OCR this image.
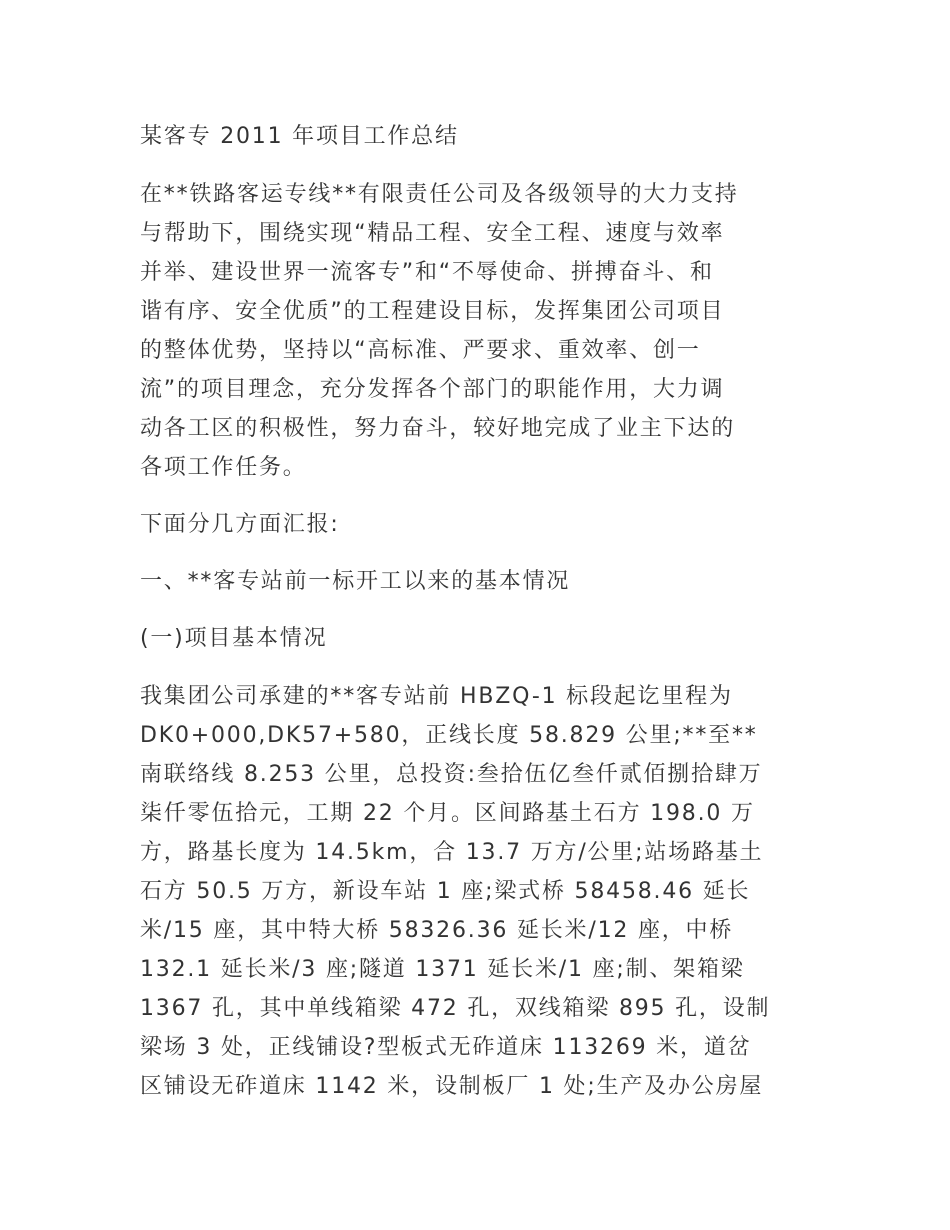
某客专 2011 年项目工作总结
在**铁路客运专线**有限责任公司及各级领导的大力支持
与帮助下，围绕实现“精品工程、安全工程、速度与效率
并举、建设世界一流客专”和“不辱使命、拼搏奋斗、和
谐有序、安全优质”的工程建设目标，发挥集团公司项目
的整体优势，坚持以“高标准、严要求、重效率、创一
流”的项目理念，充分发挥各个部门的职能作用，大力调
动各工区的积极性，努力奋斗，较好地完成了业主下达的
各项工作任务。
下面分几方面汇报:
一、**客专站前一标开工以来的基本情况
(一)项目基本情况
我集团公司承建的**客专站前 HBZQ-1 标段起讫里程为
DK0+000,DK57+580，正线长度 58.829 公里;**至**
南联络线 8.253 公里，总投资:叁拾伍亿叁仟贰佰捌拾肆万
柒仟零伍拾元，工期 22 个月。区间路基土石方 198.0 万
方，路基长度为 14.5km，合 13.7 万方/公里;站场路基土
石方 50.5 万方，新设车站 1 座;梁式桥 58458.46 延长
米/15 座，其中特大桥 58326.36 延长米/12 座，中桥
132.1 延长米/3 座;隧道 1371 延长米/1 座;制、架箱梁
1367 孔，其中单线箱梁 472 孔，双线箱梁 895 孔，设制
梁场 3 处，正线铺设?型板式无砟道床 113269 米，道岔
区铺设无砟道床 1142 米，设制板厂 1 处;生产及办公房屋
